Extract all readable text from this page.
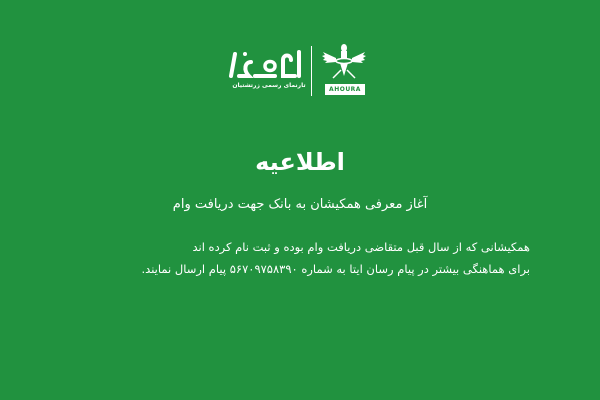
تارنمای رسمی زرتشتیان
AHOURA
اطلاعیه
آغاز معرفی همکیشان به بانک جهت دریافت وام

همکیشانی که از سال قبل متقاضی دریافت وام بوده و ثبت نام کرده اند

برای هماهنگی بیشتر در پیام رسان ایتا به شماره ۵۶۷۰۹۷۵۸۳۹۰ پیام ارسال نمایند.
